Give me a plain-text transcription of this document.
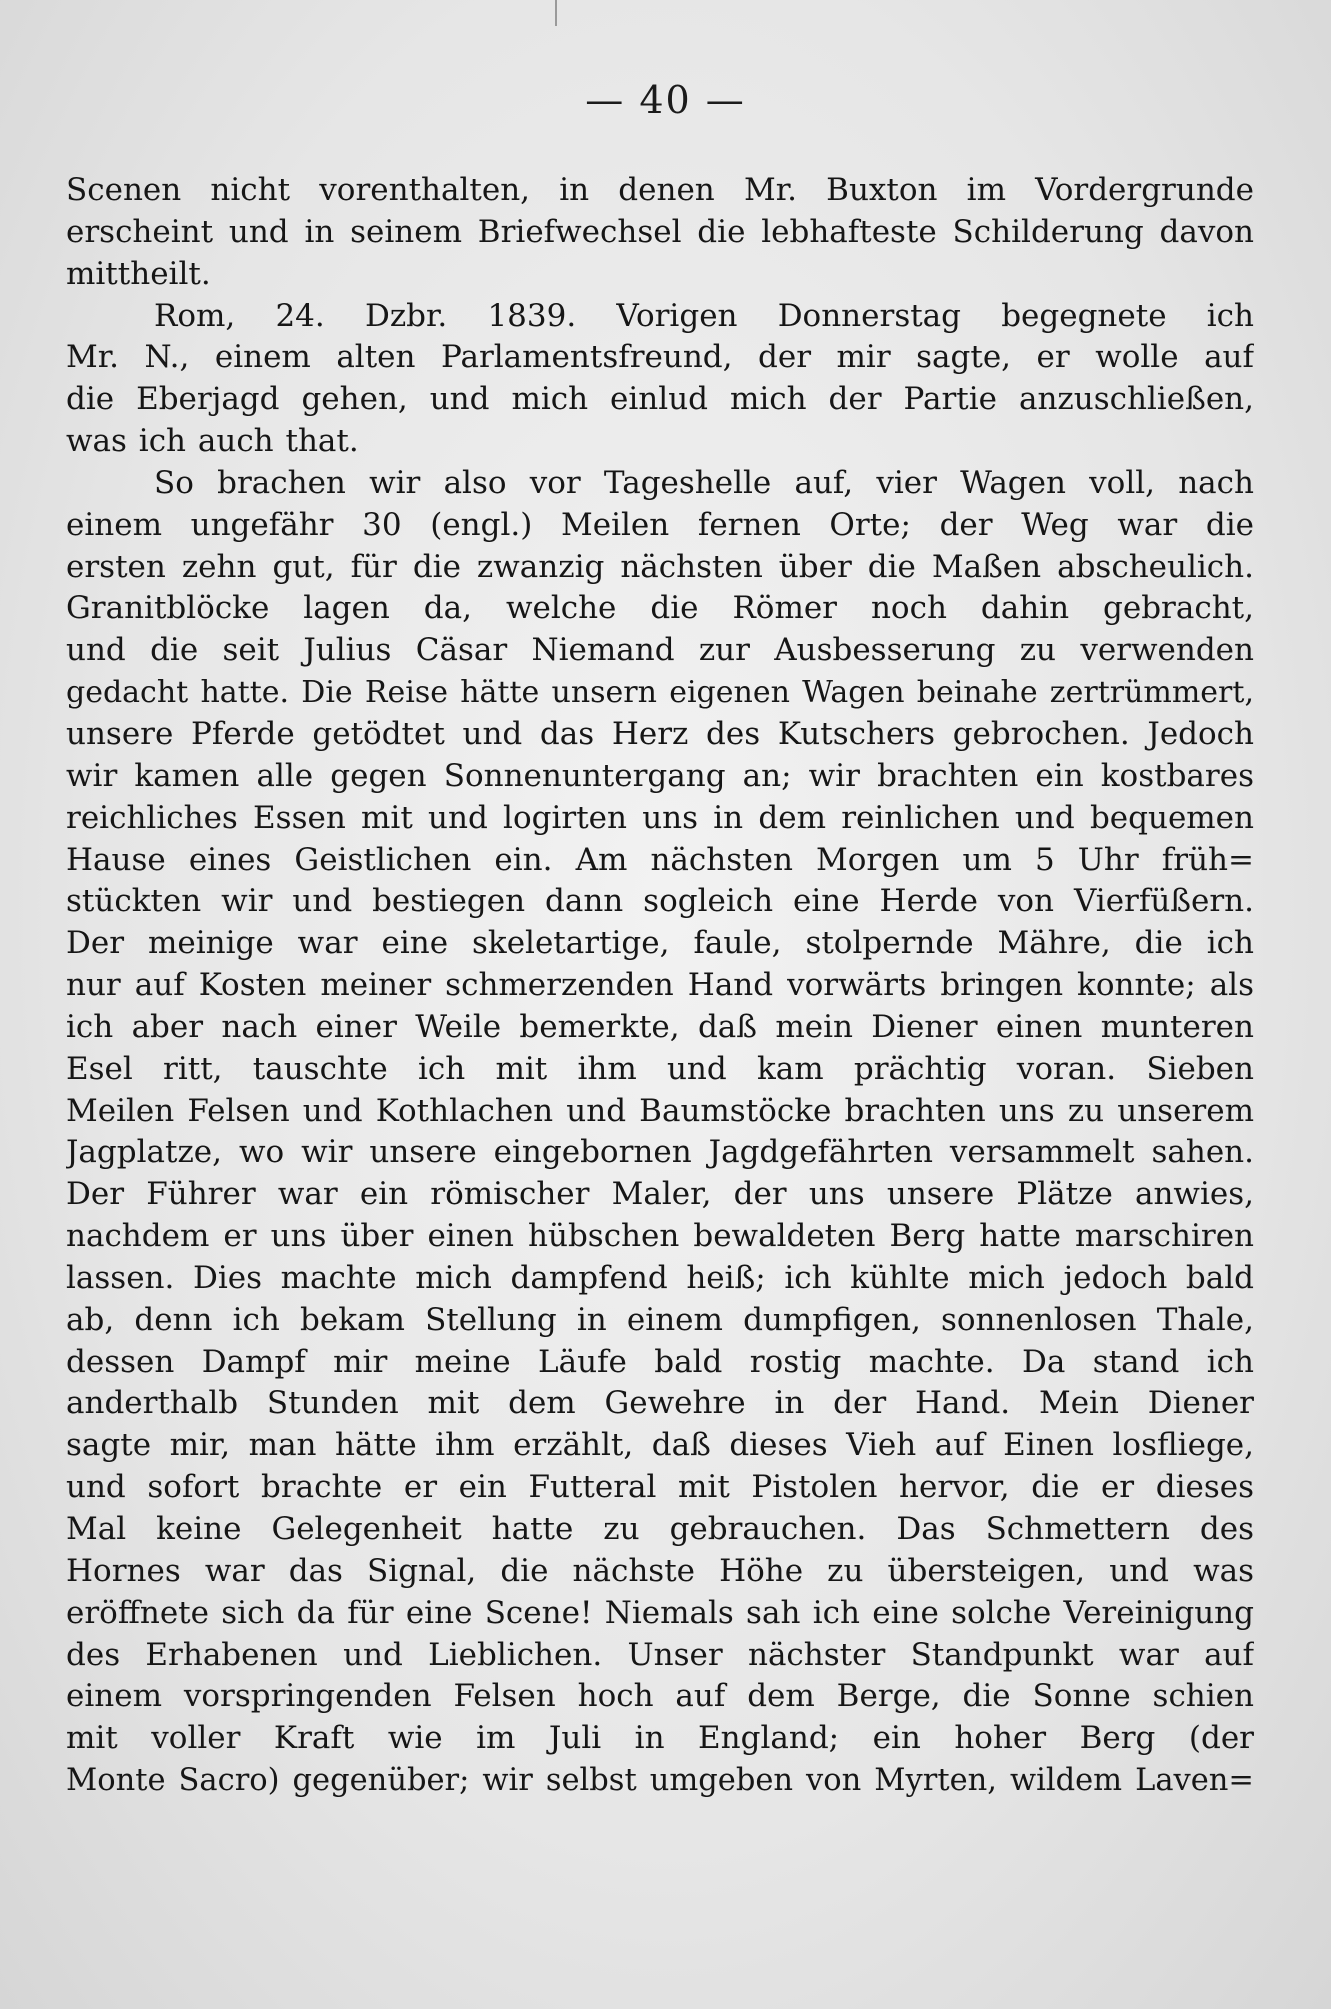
— 40 —
Scenen nicht vorenthalten, in denen Mr. Buxton im Vordergrunde
erscheint und in seinem Briefwechsel die lebhafteste Schilderung davon
mittheilt.
Rom, 24. Dzbr. 1839. Vorigen Donnerstag begegnete ich
Mr. N., einem alten Parlamentsfreund, der mir sagte, er wolle auf
die Eberjagd gehen, und mich einlud mich der Partie anzuschließen,
was ich auch that.
So brachen wir also vor Tageshelle auf, vier Wagen voll, nach
einem ungefähr 30 (engl.) Meilen fernen Orte; der Weg war die
ersten zehn gut, für die zwanzig nächsten über die Maßen abscheulich.
Granitblöcke lagen da, welche die Römer noch dahin gebracht,
und die seit Julius Cäsar Niemand zur Ausbesserung zu verwenden
gedacht hatte. Die Reise hätte unsern eigenen Wagen beinahe zertrümmert,
unsere Pferde getödtet und das Herz des Kutschers gebrochen. Jedoch
wir kamen alle gegen Sonnenuntergang an; wir brachten ein kostbares
reichliches Essen mit und logirten uns in dem reinlichen und bequemen
Hause eines Geistlichen ein. Am nächsten Morgen um 5 Uhr früh=
stückten wir und bestiegen dann sogleich eine Herde von Vierfüßern.
Der meinige war eine skeletartige, faule, stolpernde Mähre, die ich
nur auf Kosten meiner schmerzenden Hand vorwärts bringen konnte; als
ich aber nach einer Weile bemerkte, daß mein Diener einen munteren
Esel ritt, tauschte ich mit ihm und kam prächtig voran. Sieben
Meilen Felsen und Kothlachen und Baumstöcke brachten uns zu unserem
Jagplatze, wo wir unsere eingebornen Jagdgefährten versammelt sahen.
Der Führer war ein römischer Maler, der uns unsere Plätze anwies,
nachdem er uns über einen hübschen bewaldeten Berg hatte marschiren
lassen. Dies machte mich dampfend heiß; ich kühlte mich jedoch bald
ab, denn ich bekam Stellung in einem dumpfigen, sonnenlosen Thale,
dessen Dampf mir meine Läufe bald rostig machte. Da stand ich
anderthalb Stunden mit dem Gewehre in der Hand. Mein Diener
sagte mir, man hätte ihm erzählt, daß dieses Vieh auf Einen losfliege,
und sofort brachte er ein Futteral mit Pistolen hervor, die er dieses
Mal keine Gelegenheit hatte zu gebrauchen. Das Schmettern des
Hornes war das Signal, die nächste Höhe zu übersteigen, und was
eröffnete sich da für eine Scene! Niemals sah ich eine solche Vereinigung
des Erhabenen und Lieblichen. Unser nächster Standpunkt war auf
einem vorspringenden Felsen hoch auf dem Berge, die Sonne schien
mit voller Kraft wie im Juli in England; ein hoher Berg (der
Monte Sacro) gegenüber; wir selbst umgeben von Myrten, wildem Laven=
